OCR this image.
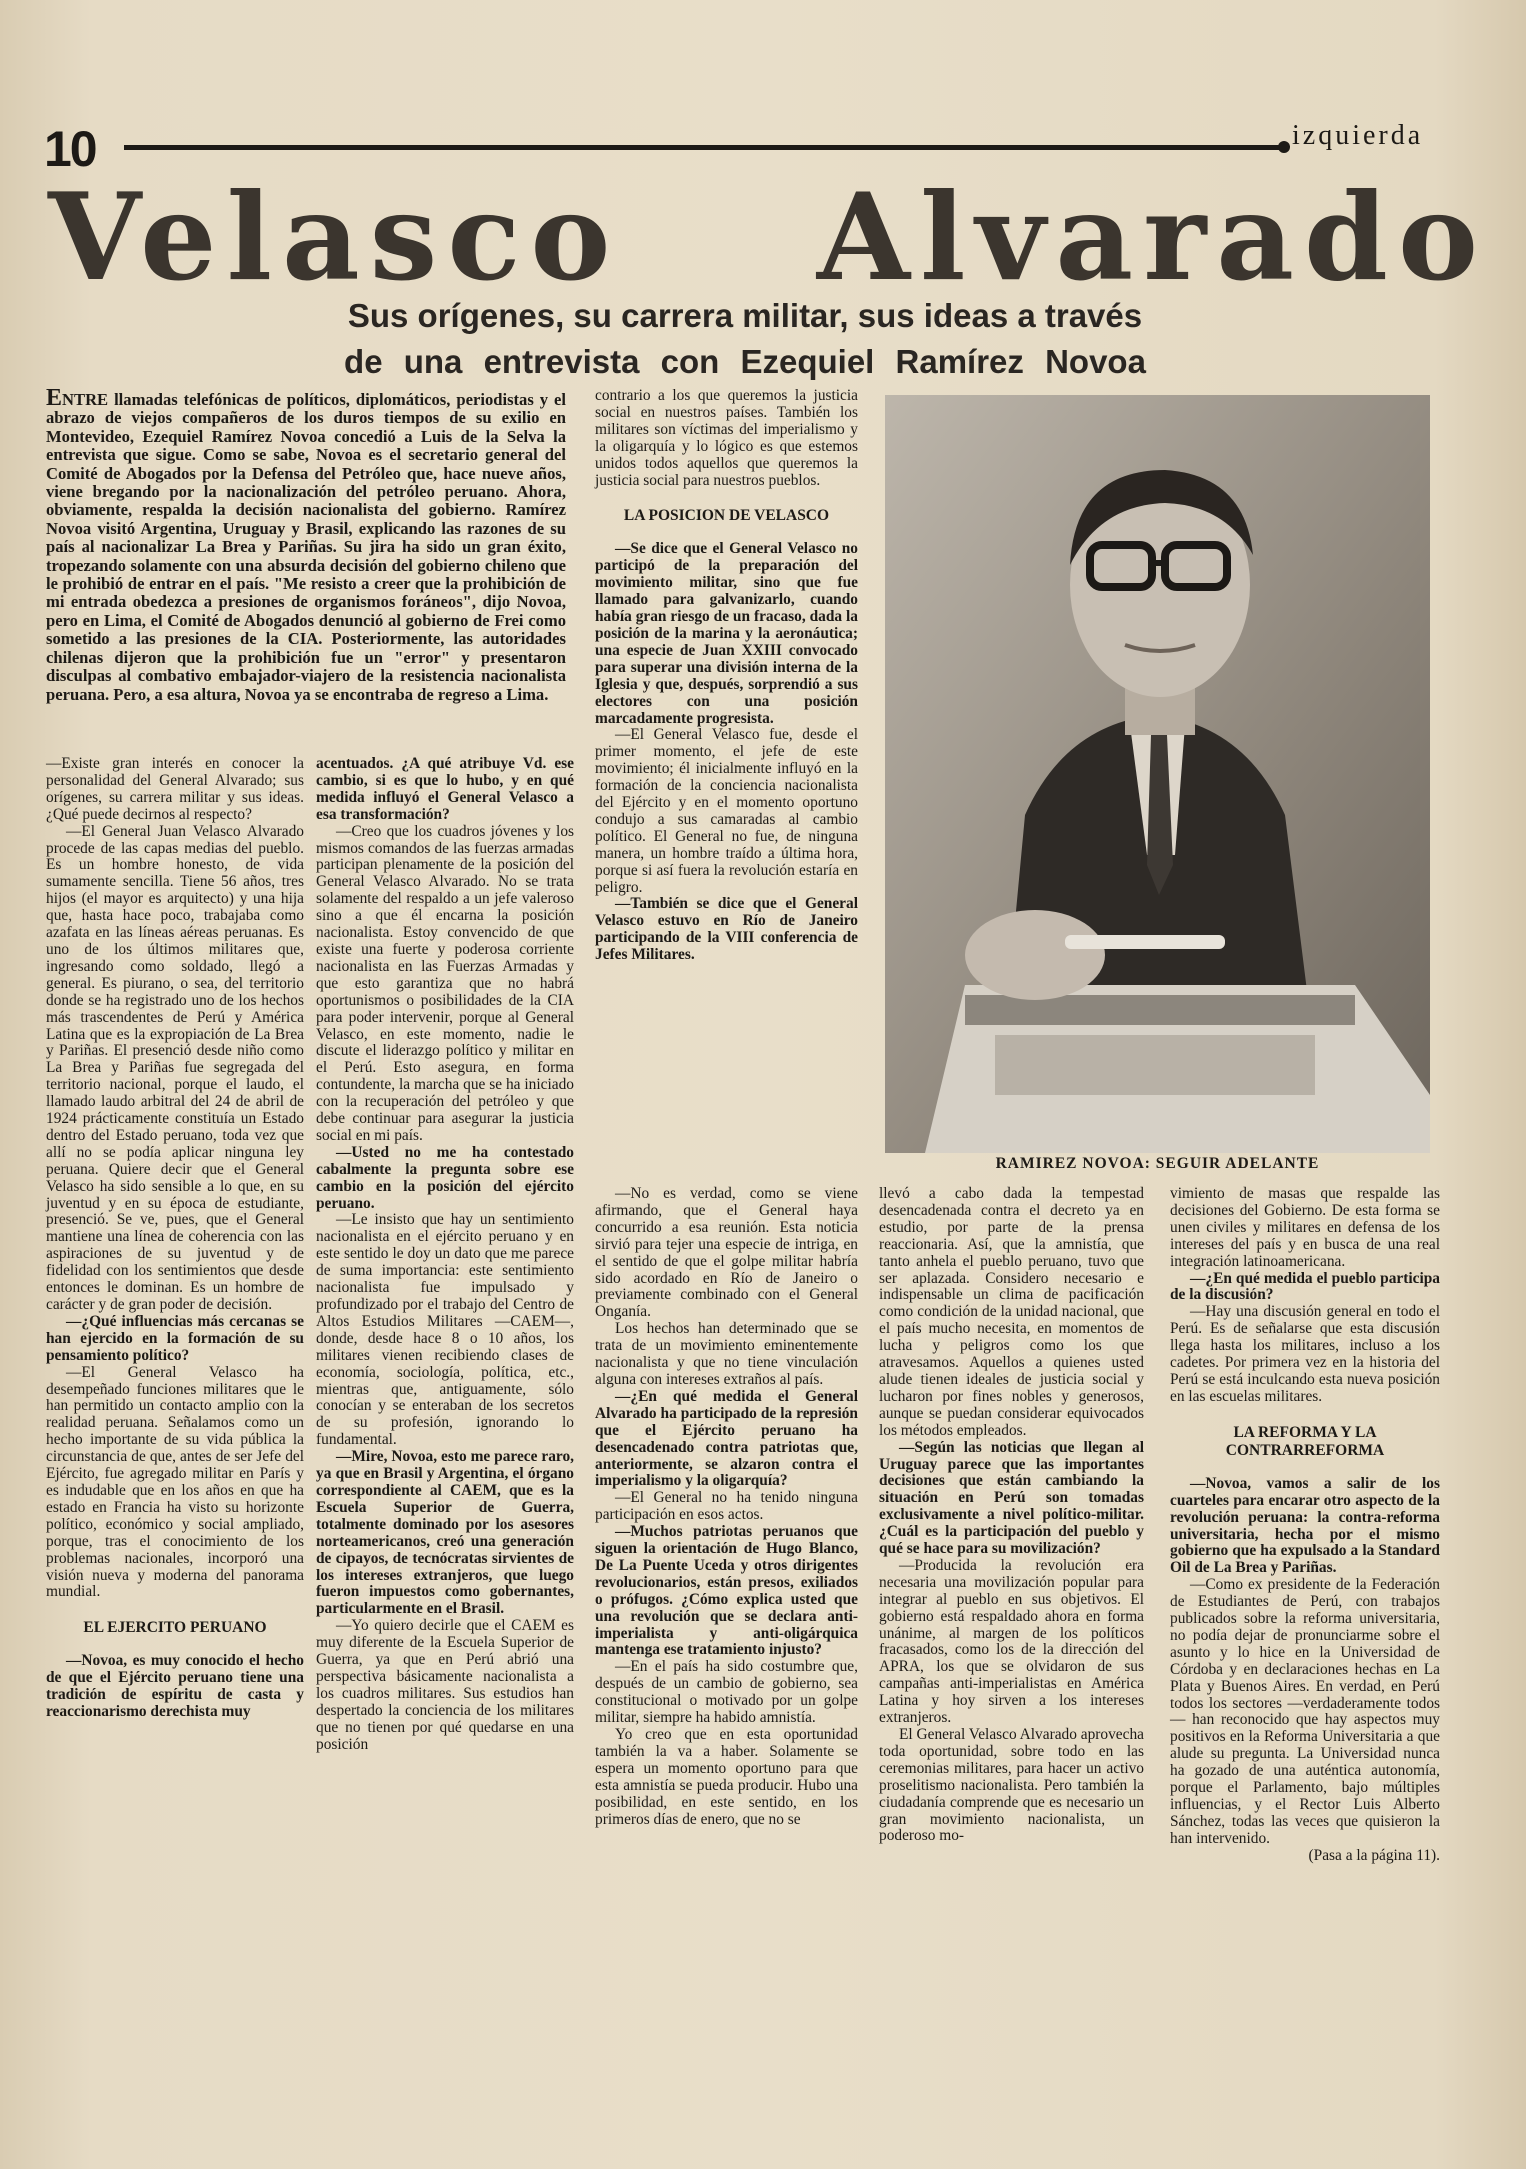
10	izquierda
Velasco Alvarado
Sus orígenes, su carrera militar, sus ideas a través
de una entrevista con Ezequiel Ramírez Novoa

ENTRE llamadas telefónicas de políticos, diplomáticos, periodistas y el abrazo de viejos compañeros de los duros tiempos de su exilio en Montevideo, Ezequiel Ramírez Novoa concedió a Luis de la Selva la entrevista que sigue. Como se sabe, Novoa es el secretario general del Comité de Abogados por la Defensa del Petróleo que, hace nueve años, viene bregando por la nacionalización del petróleo peruano. Ahora, obviamente, respalda la decisión nacionalista del gobierno. Ramírez Novoa visitó Argentina, Uruguay y Brasil, explicando las razones de su país al nacionalizar La Brea y Pariñas. Su jira ha sido un gran éxito, tropezando solamente con una absurda decisión del gobierno chileno que le prohibió de entrar en el país. "Me resisto a creer que la prohibición de mi entrada obedezca a presiones de organismos foráneos", dijo Novoa, pero en Lima, el Comité de Abogados denunció al gobierno de Frei como sometido a las presiones de la CIA. Posteriormente, las autoridades chilenas dijeron que la prohibición fue un "error" y presentaron disculpas al combativo embajador-viajero de la resistencia nacionalista peruana. Pero, a esa altura, Novoa ya se encontraba de regreso a Lima.

—Existe gran interés en conocer la personalidad del General Alvarado; sus orígenes, su carrera militar y sus ideas. ¿Qué puede decirnos al respecto?

—El General Juan Velasco Alvarado procede de las capas medias del pueblo. Es un hombre honesto, de vida sumamente sencilla. Tiene 56 años, tres hijos (el mayor es arquitecto) y una hija que, hasta hace poco, trabajaba como azafata en las líneas aéreas peruanas. Es uno de los últimos militares que, ingresando como soldado, llegó a general. Es piurano, o sea, del territorio donde se ha registrado uno de los hechos más trascendentes de Perú y América Latina que es la expropiación de La Brea y Pariñas. El presenció desde niño como La Brea y Pariñas fue segregada del territorio nacional, porque el laudo, el llamado laudo arbitral del 24 de abril de 1924 prácticamente constituía un Estado dentro del Estado peruano, toda vez que allí no se podía aplicar ninguna ley peruana. Quiere decir que el General Velasco ha sido sensible a lo que, en su juventud y en su época de estudiante, presenció. Se ve, pues, que el General mantiene una línea de coherencia con las aspiraciones de su juventud y de fidelidad con los sentimientos que desde entonces le dominan. Es un hombre de carácter y de gran poder de decisión.

—¿Qué influencias más cercanas se han ejercido en la formación de su pensamiento político?

—El General Velasco ha desempeñado funciones militares que le han permitido un contacto amplio con la realidad peruana. Señalamos como un hecho importante de su vida pública la circunstancia de que, antes de ser Jefe del Ejército, fue agregado militar en París y es indudable que en los años en que ha estado en Francia ha visto su horizonte político, económico y social ampliado, porque, tras el conocimiento de los problemas nacionales, incorporó una visión nueva y moderna del panorama mundial.

EL EJERCITO PERUANO

—Novoa, es muy conocido el hecho de que el Ejército peruano tiene una tradición de espíritu de casta y reaccionarismo derechista muy

acentuados. ¿A qué atribuye Vd. ese cambio, si es que lo hubo, y en qué medida influyó el General Velasco a esa transformación?

—Creo que los cuadros jóvenes y los mismos comandos de las fuerzas armadas participan plenamente de la posición del General Velasco Alvarado. No se trata solamente del respaldo a un jefe valeroso sino a que él encarna la posición nacionalista. Estoy convencido de que existe una fuerte y poderosa corriente nacionalista en las Fuerzas Armadas y que esto garantiza que no habrá oportunismos o posibilidades de la CIA para poder intervenir, porque al General Velasco, en este momento, nadie le discute el liderazgo político y militar en el Perú. Esto asegura, en forma contundente, la marcha que se ha iniciado con la recuperación del petróleo y que debe continuar para asegurar la justicia social en mi país.

—Usted no me ha contestado cabalmente la pregunta sobre ese cambio en la posición del ejército peruano.

—Le insisto que hay un sentimiento nacionalista en el ejército peruano y en este sentido le doy un dato que me parece de suma importancia: este sentimiento nacionalista fue impulsado y profundizado por el trabajo del Centro de Altos Estudios Militares —CAEM—, donde, desde hace 8 o 10 años, los militares vienen recibiendo clases de economía, sociología, política, etc., mientras que, antiguamente, sólo conocían y se enteraban de los secretos de su profesión, ignorando lo fundamental.

—Mire, Novoa, esto me parece raro, ya que en Brasil y Argentina, el órgano correspondiente al CAEM, que es la Escuela Superior de Guerra, totalmente dominado por los asesores norteamericanos, creó una generación de cipayos, de tecnócratas sirvientes de los intereses extranjeros, que luego fueron impuestos como gobernantes, particularmente en el Brasil.

—Yo quiero decirle que el CAEM es muy diferente de la Escuela Superior de Guerra, ya que en Perú abrió una perspectiva básicamente nacionalista a los cuadros militares. Sus estudios han despertado la conciencia de los militares que no tienen por qué quedarse en una posición

contrario a los que queremos la justicia social en nuestros países. También los militares son víctimas del imperialismo y la oligarquía y lo lógico es que estemos unidos todos aquellos que queremos la justicia social para nuestros pueblos.

LA POSICION DE VELASCO

—Se dice que el General Velasco no participó de la preparación del movimiento militar, sino que fue llamado para galvanizarlo, cuando había gran riesgo de un fracaso, dada la posición de la marina y la aeronáutica; una especie de Juan XXIII convocado para superar una división interna de la Iglesia y que, después, sorprendió a sus electores con una posición marcadamente progresista.

—El General Velasco fue, desde el primer momento, el jefe de este movimiento; él inicialmente influyó en la formación de la conciencia nacionalista del Ejército y en el momento oportuno condujo a sus camaradas al cambio político. El General no fue, de ninguna manera, un hombre traído a última hora, porque si así fuera la revolución estaría en peligro.

—También se dice que el General Velasco estuvo en Río de Janeiro participando de la VIII conferencia de Jefes Militares.

RAMIREZ NOVOA: SEGUIR ADELANTE

—No es verdad, como se viene afirmando, que el General haya concurrido a esa reunión. Esta noticia sirvió para tejer una especie de intriga, en el sentido de que el golpe militar habría sido acordado en Río de Janeiro o previamente combinado con el General Onganía.

Los hechos han determinado que se trata de un movimiento eminentemente nacionalista y que no tiene vinculación alguna con intereses extraños al país.

—¿En qué medida el General Alvarado ha participado de la represión que el Ejército peruano ha desencadenado contra patriotas que, anteriormente, se alzaron contra el imperialismo y la oligarquía?

—El General no ha tenido ninguna participación en esos actos.

—Muchos patriotas peruanos que siguen la orientación de Hugo Blanco, De La Puente Uceda y otros dirigentes revolucionarios, están presos, exiliados o prófugos. ¿Cómo explica usted que una revolución que se declara anti-imperialista y anti-oligárquica mantenga ese tratamiento injusto?

—En el país ha sido costumbre que, después de un cambio de gobierno, sea constitucional o motivado por un golpe militar, siempre ha habido amnistía.

Yo creo que en esta oportunidad también la va a haber. Solamente se espera un momento oportuno para que esta amnistía se pueda producir. Hubo una posibilidad, en este sentido, en los primeros días de enero, que no se

llevó a cabo dada la tempestad desencadenada contra el decreto ya en estudio, por parte de la prensa reaccionaria. Así, que la amnistía, que tanto anhela el pueblo peruano, tuvo que ser aplazada. Considero necesario e indispensable un clima de pacificación como condición de la unidad nacional, que el país mucho necesita, en momentos de lucha y peligros como los que atravesamos. Aquellos a quienes usted alude tienen ideales de justicia social y lucharon por fines nobles y generosos, aunque se puedan considerar equivocados los métodos empleados.

—Según las noticias que llegan al Uruguay parece que las importantes decisiones que están cambiando la situación en Perú son tomadas exclusivamente a nivel político-militar. ¿Cuál es la participación del pueblo y qué se hace para su movilización?

—Producida la revolución era necesaria una movilización popular para integrar al pueblo en sus objetivos. El gobierno está respaldado ahora en forma unánime, al margen de los políticos fracasados, como los de la dirección del APRA, los que se olvidaron de sus campañas anti-imperialistas en América Latina y hoy sirven a los intereses extranjeros.

El General Velasco Alvarado aprovecha toda oportunidad, sobre todo en las ceremonias militares, para hacer un activo proselitismo nacionalista. Pero también la ciudadanía comprende que es necesario un gran movimiento nacionalista, un poderoso mo-

vimiento de masas que respalde las decisiones del Gobierno. De esta forma se unen civiles y militares en defensa de los intereses del país y en busca de una real integración latinoamericana.

—¿En qué medida el pueblo participa de la discusión?

—Hay una discusión general en todo el Perú. Es de señalarse que esta discusión llega hasta los militares, incluso a los cadetes. Por primera vez en la historia del Perú se está inculcando esta nueva posición en las escuelas militares.

LA REFORMA Y LA CONTRARREFORMA

—Novoa, vamos a salir de los cuarteles para encarar otro aspecto de la revolución peruana: la contra-reforma universitaria, hecha por el mismo gobierno que ha expulsado a la Standard Oil de La Brea y Pariñas.

—Como ex presidente de la Federación de Estudiantes de Perú, con trabajos publicados sobre la reforma universitaria, no podía dejar de pronunciarme sobre el asunto y lo hice en la Universidad de Córdoba y en declaraciones hechas en La Plata y Buenos Aires. En verdad, en Perú todos los sectores —verdaderamente todos— han reconocido que hay aspectos muy positivos en la Reforma Universitaria a que alude su pregunta. La Universidad nunca ha gozado de una auténtica autonomía, porque el Parlamento, bajo múltiples influencias, y el Rector Luis Alberto Sánchez, todas las veces que quisieron la han intervenido.

(Pasa a la página 11).
